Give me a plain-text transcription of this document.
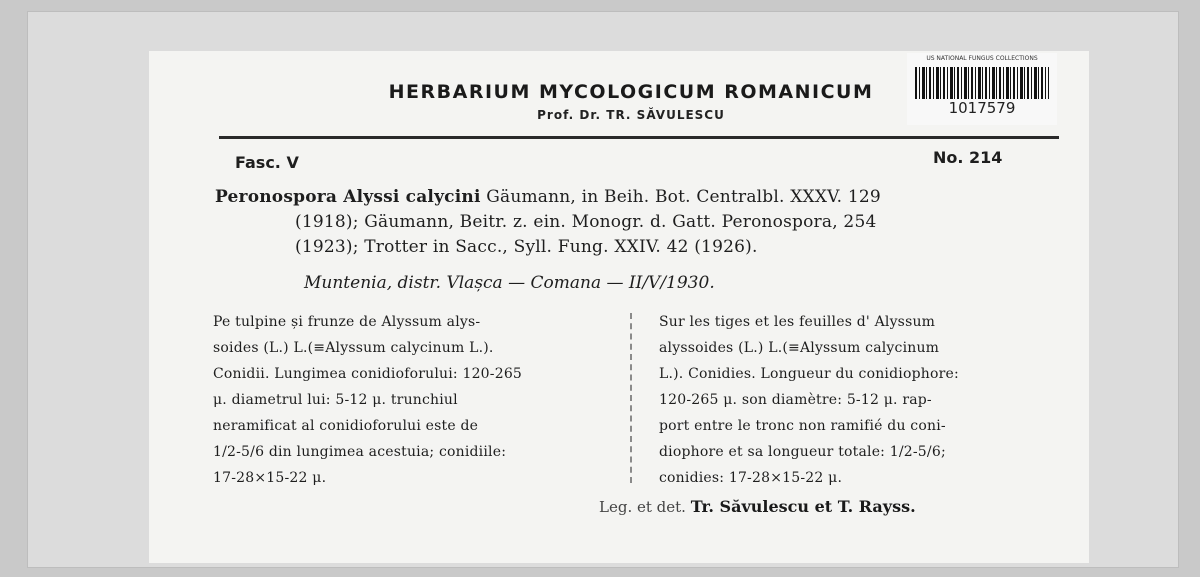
HERBARIUM MYCOLOGICUM ROMANICUM
Prof. Dr. TR. SĂVULESCU
US NATIONAL FUNGUS COLLECTIONS
1017579
Fasc. V	No. 214
Peronospora Alyssi calycini Gäumann, in Beih. Bot. Centralbl. XXXV. 129
(1918); Gäumann, Beitr. z. ein. Monogr. d. Gatt. Peronospora, 254
(1923); Trotter in Sacc., Syll. Fung. XXIV. 42 (1926).
Muntenia, distr. Vlașca — Comana — II/V/1930.
Pe tulpine și frunze de Alyssum alys-
soides (L.) L.(≡Alyssum calycinum L.).
Conidii. Lungimea conidioforului: 120-265
μ. diametrul lui: 5-12 μ. trunchiul
neramificat al conidioforului este de
1/2-5/6 din lungimea acestuia; conidiile:
17-28×15-22 μ.
Sur les tiges et les feuilles d' Alyssum
alyssoides (L.) L.(≡Alyssum calycinum
L.). Conidies. Longueur du conidiophore:
120-265 μ. son diamètre: 5-12 μ. rap-
port entre le tronc non ramifié du coni-
diophore et sa longueur totale: 1/2-5/6;
conidies: 17-28×15-22 μ.
Leg. et det. Tr. Săvulescu et T. Rayss.
